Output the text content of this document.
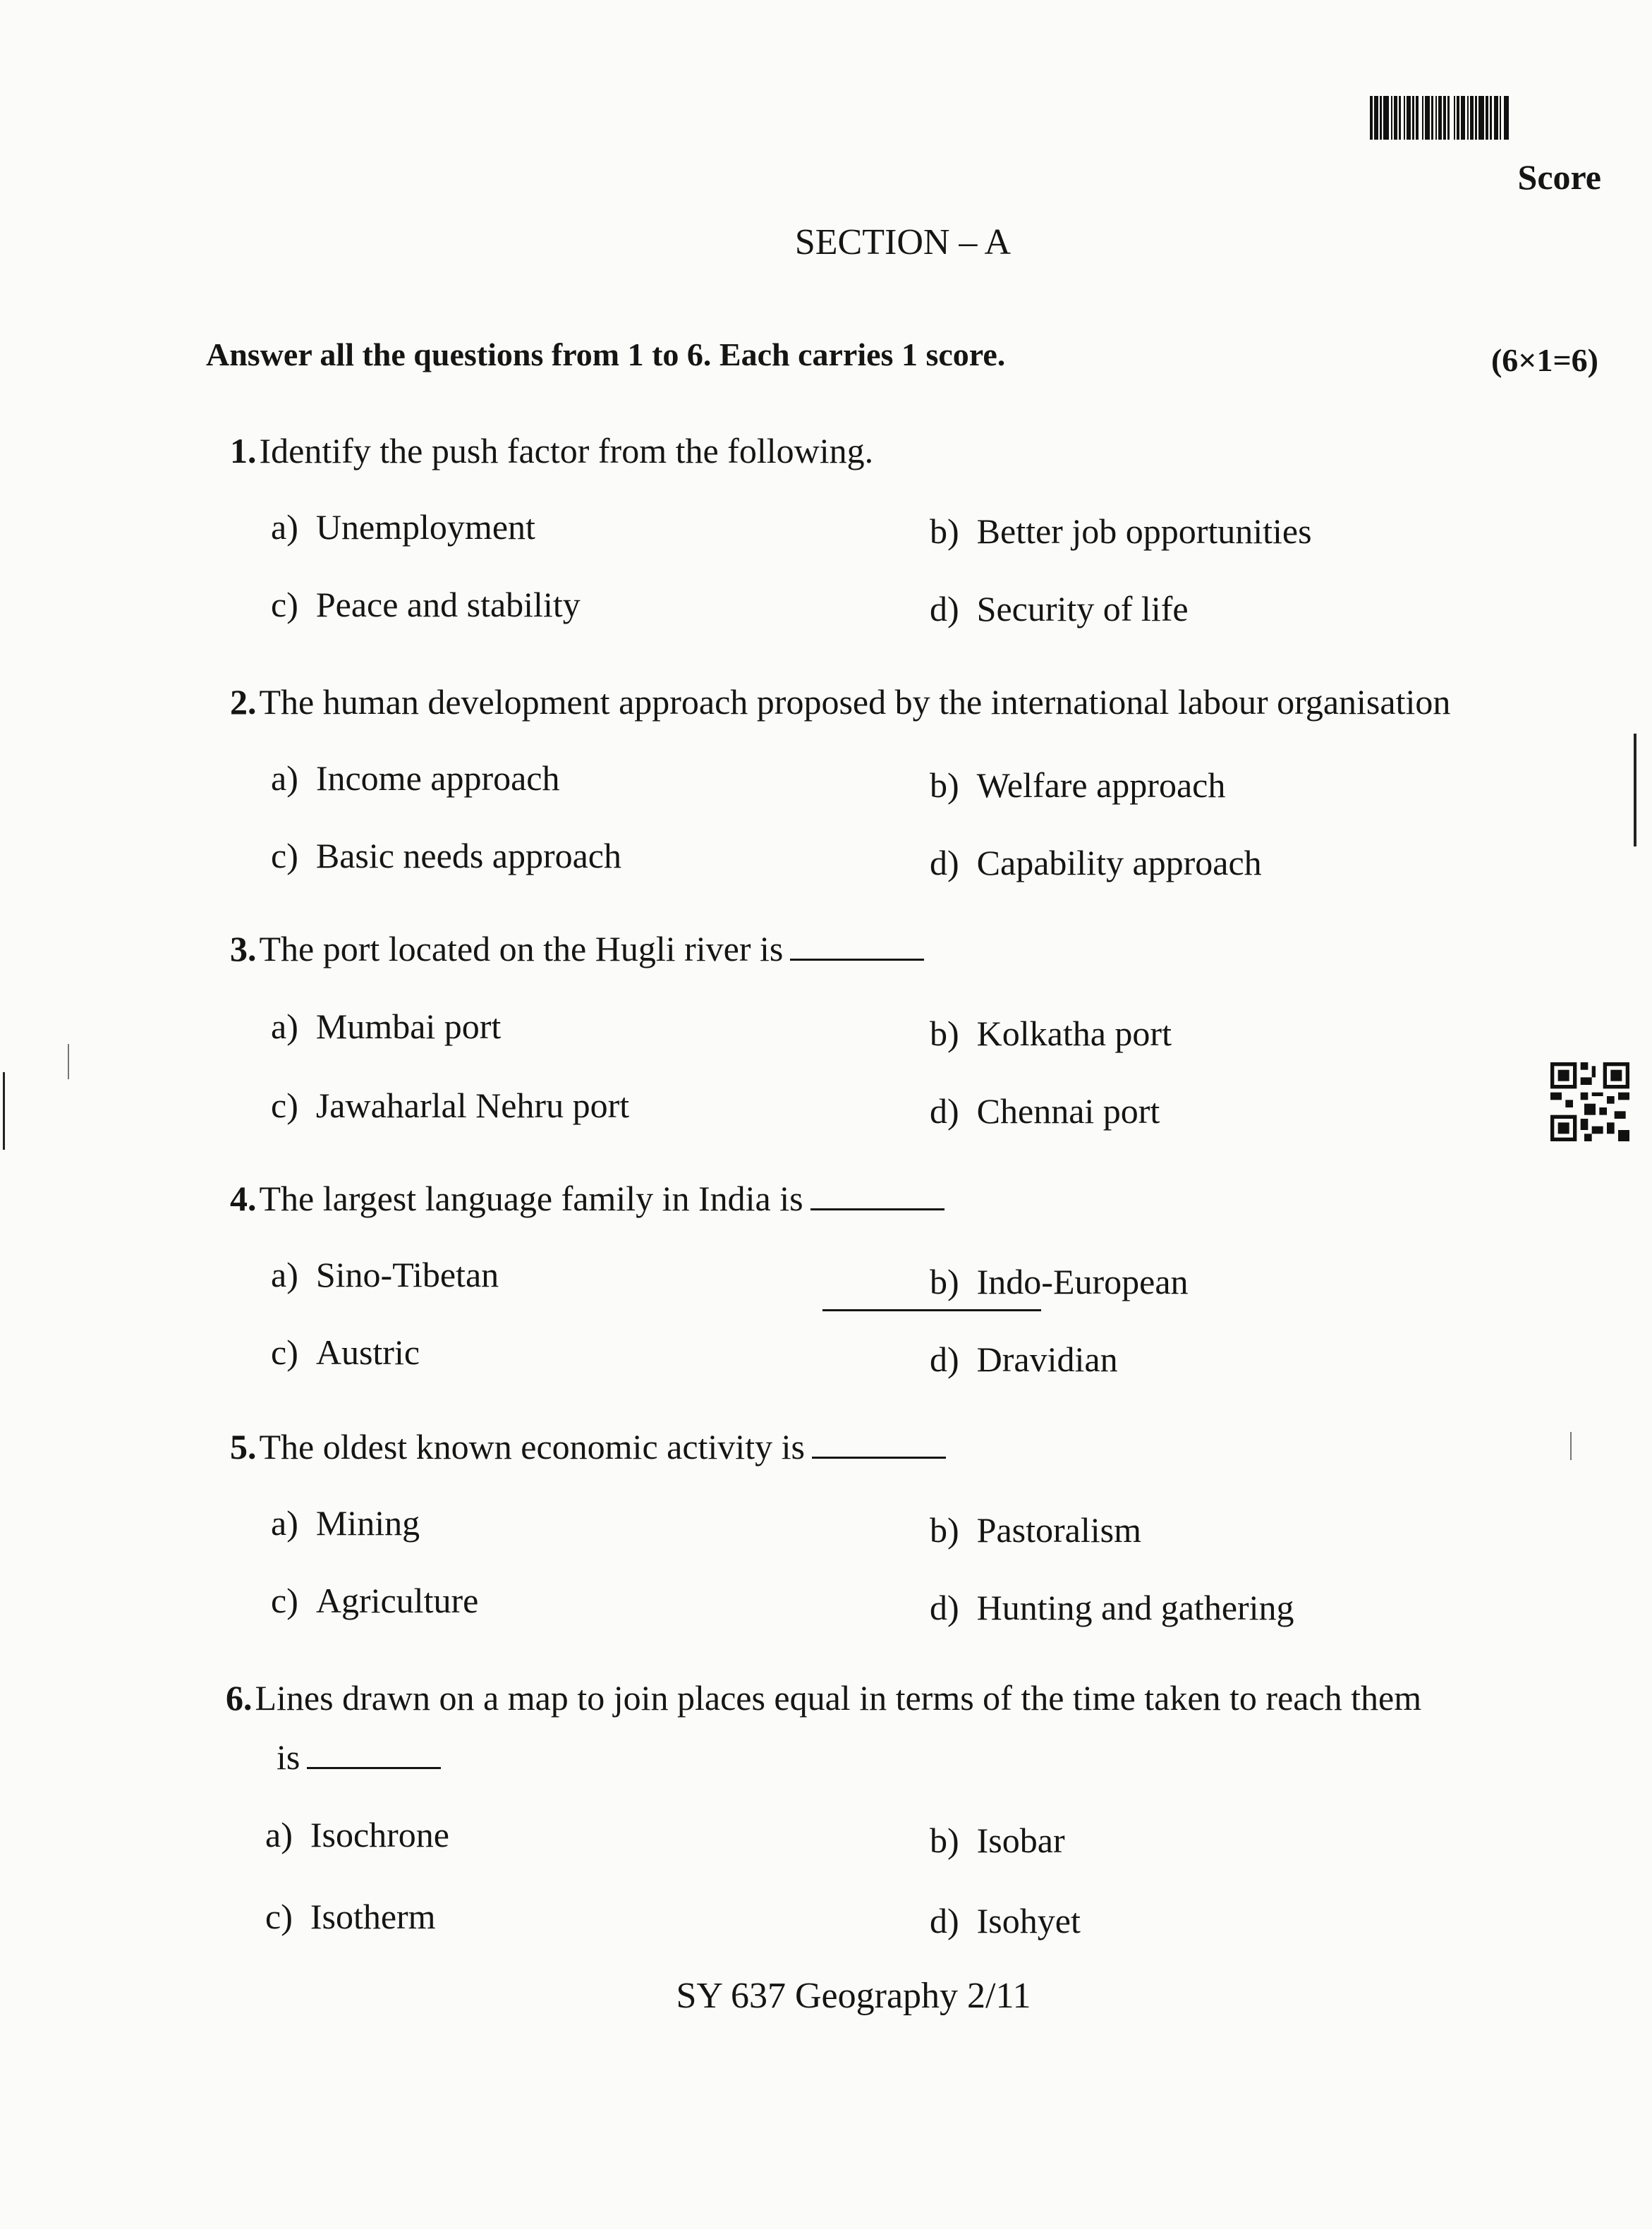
Score
SECTION – A
Answer all the questions from 1 to 6. Each carries 1 score.	(6×1=6)
1. Identify the push factor from the following.
a) Unemployment	b) Better job opportunities
c) Peace and stability	d) Security of life
2. The human development approach proposed by the international labour organisation
a) Income approach	b) Welfare approach
c) Basic needs approach	d) Capability approach
3. The port located on the Hugli river is
a) Mumbai port	b) Kolkatha port
c) Jawaharlal Nehru port	d) Chennai port
4. The largest language family in India is
a) Sino-Tibetan	b) Indo-European
c) Austric	d) Dravidian
5. The oldest known economic activity is
a) Mining	b) Pastoralism
c) Agriculture	d) Hunting and gathering
6. Lines drawn on a map to join places equal in terms of the time taken to reach them
is
a) Isochrone	b) Isobar
c) Isotherm	d) Isohyet
SY 637 Geography 2/11
